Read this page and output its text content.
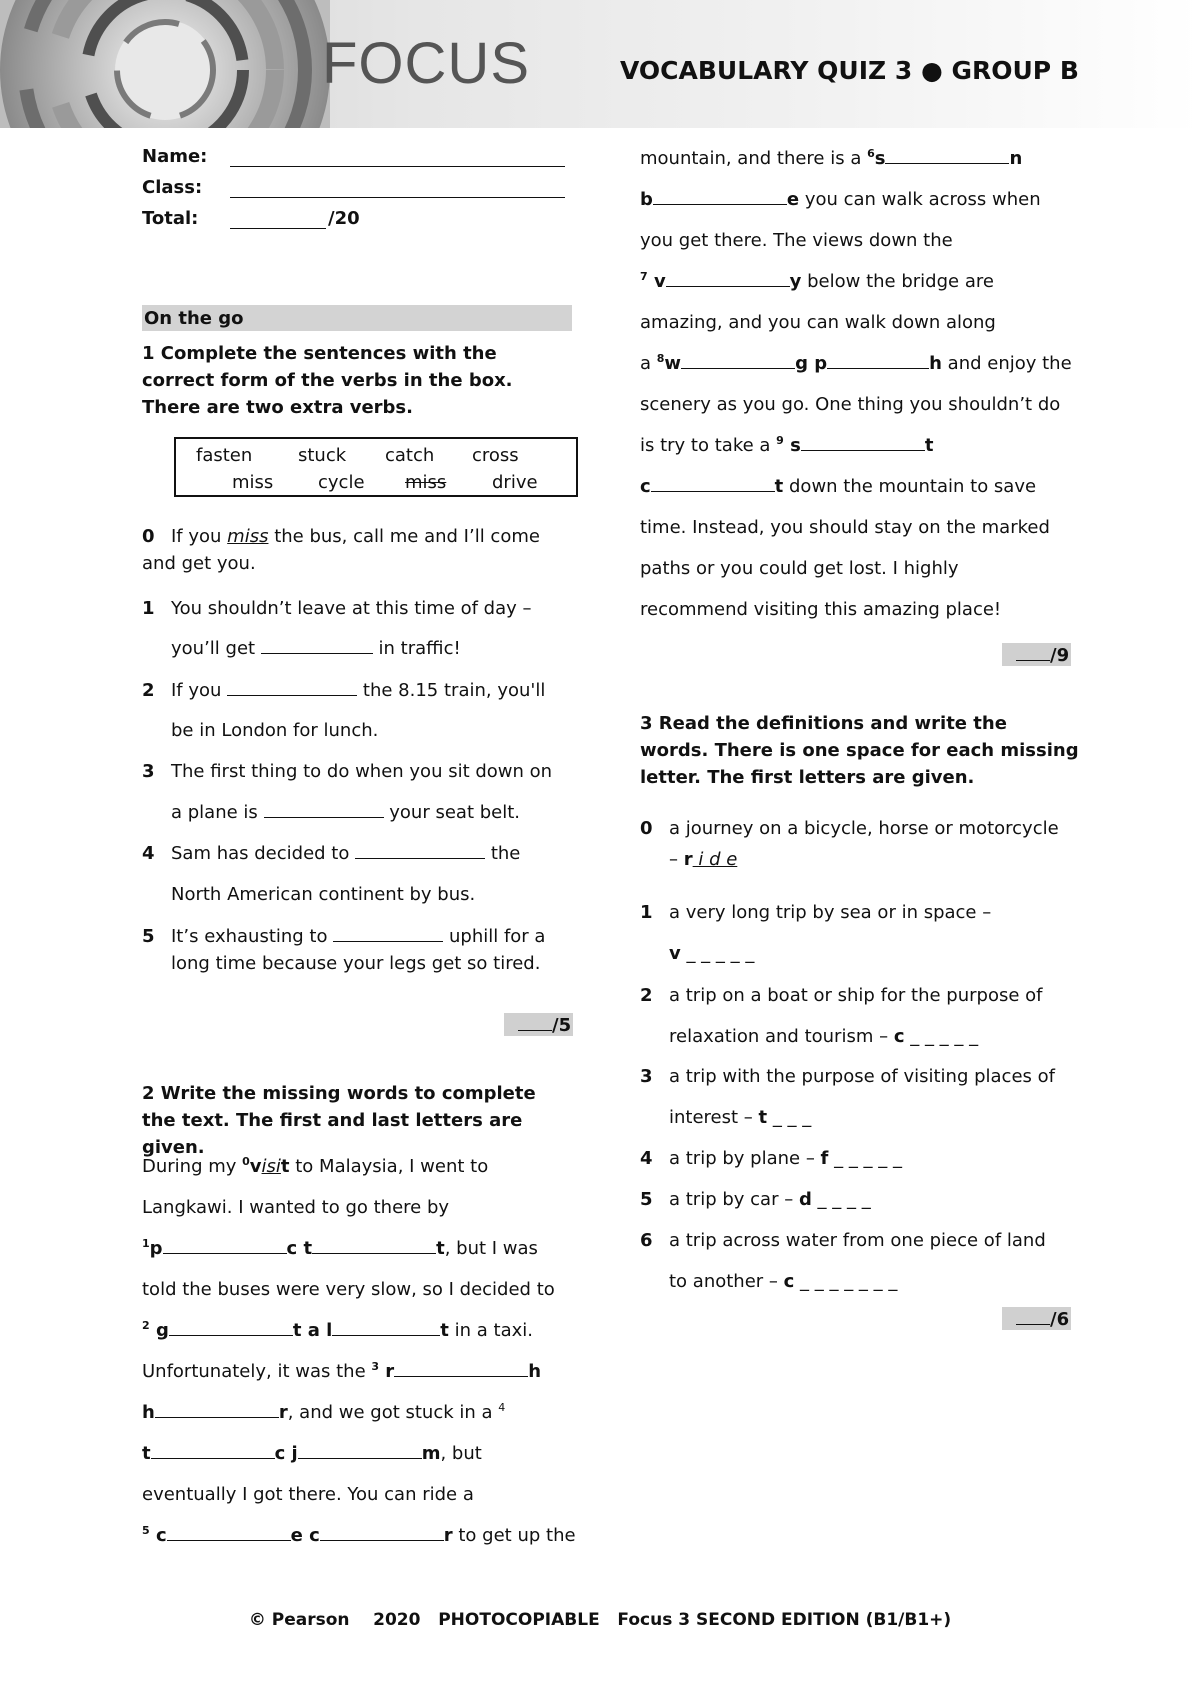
FOCUS	VOCABULARY QUIZ 3 ● GROUP B
Name:
Class:
Total:	/20
On the go
1 Complete the sentences with the correct form of the verbs in the box. There are two extra verbs.
fasten	stuck catch cross
miss cycle miss	drive
0 If you miss the bus, call me and I’ll come and get you.
1 You shouldn’t leave at this time of day –
you’ll get	in traffic!
2 If you	the 8.15 train, you'll
be in London for lunch.
3 The first thing to do when you sit down on
a plane is	your seat belt.
4 Sam has decided to	the
North American continent by bus.
5 It’s exhausting to	uphill for a
long time because your legs get so tired.
/5
2 Write the missing words to complete the text. The first and last letters are given.
During my $^0$visit to Malaysia, I went to
Langkawi. I wanted to go there by
$^1$p	c t	t, but I was
told the buses were very slow, so I decided to
$^2$ g	t a l	t in a taxi.
Unfortunately, it was the $^3$ r	h
h	r, and we got stuck in a $^4$
t	c j	m, but
eventually I got there. You can ride a
$^5$ c	e c	r to get up the
mountain, and there is a $^6$s	n
b	e you can walk across when
you get there. The views down the
$^7$ v	y below the bridge are
amazing, and you can walk down along
a $^8$w	g p	h and enjoy the
scenery as you go. One thing you shouldn’t do
is try to take a $^9$ s	t
c	t down the mountain to save
time. Instead, you should stay on the marked
paths or you could get lost. I highly
recommend visiting this amazing place!
/9
3 Read the definitions and write the words. There is one space for each missing letter. The first letters are given.
0 a journey on a bicycle, horse or motorcycle
– r i d e
1 a very long trip by sea or in space –
v _ _ _ _ _
2 a trip on a boat or ship for the purpose of
relaxation and tourism – c _ _ _ _ _
3 a trip with the purpose of visiting places of
interest – t _ _ _
4 a trip by plane – f _ _ _ _ _
5 a trip by car – d _ _ _ _
6 a trip across water from one piece of land
to another – c _ _ _ _ _ _ _
/6
© Pearson    2020   PHOTOCOPIABLE   Focus 3 SECOND EDITION (B1/B1+)
